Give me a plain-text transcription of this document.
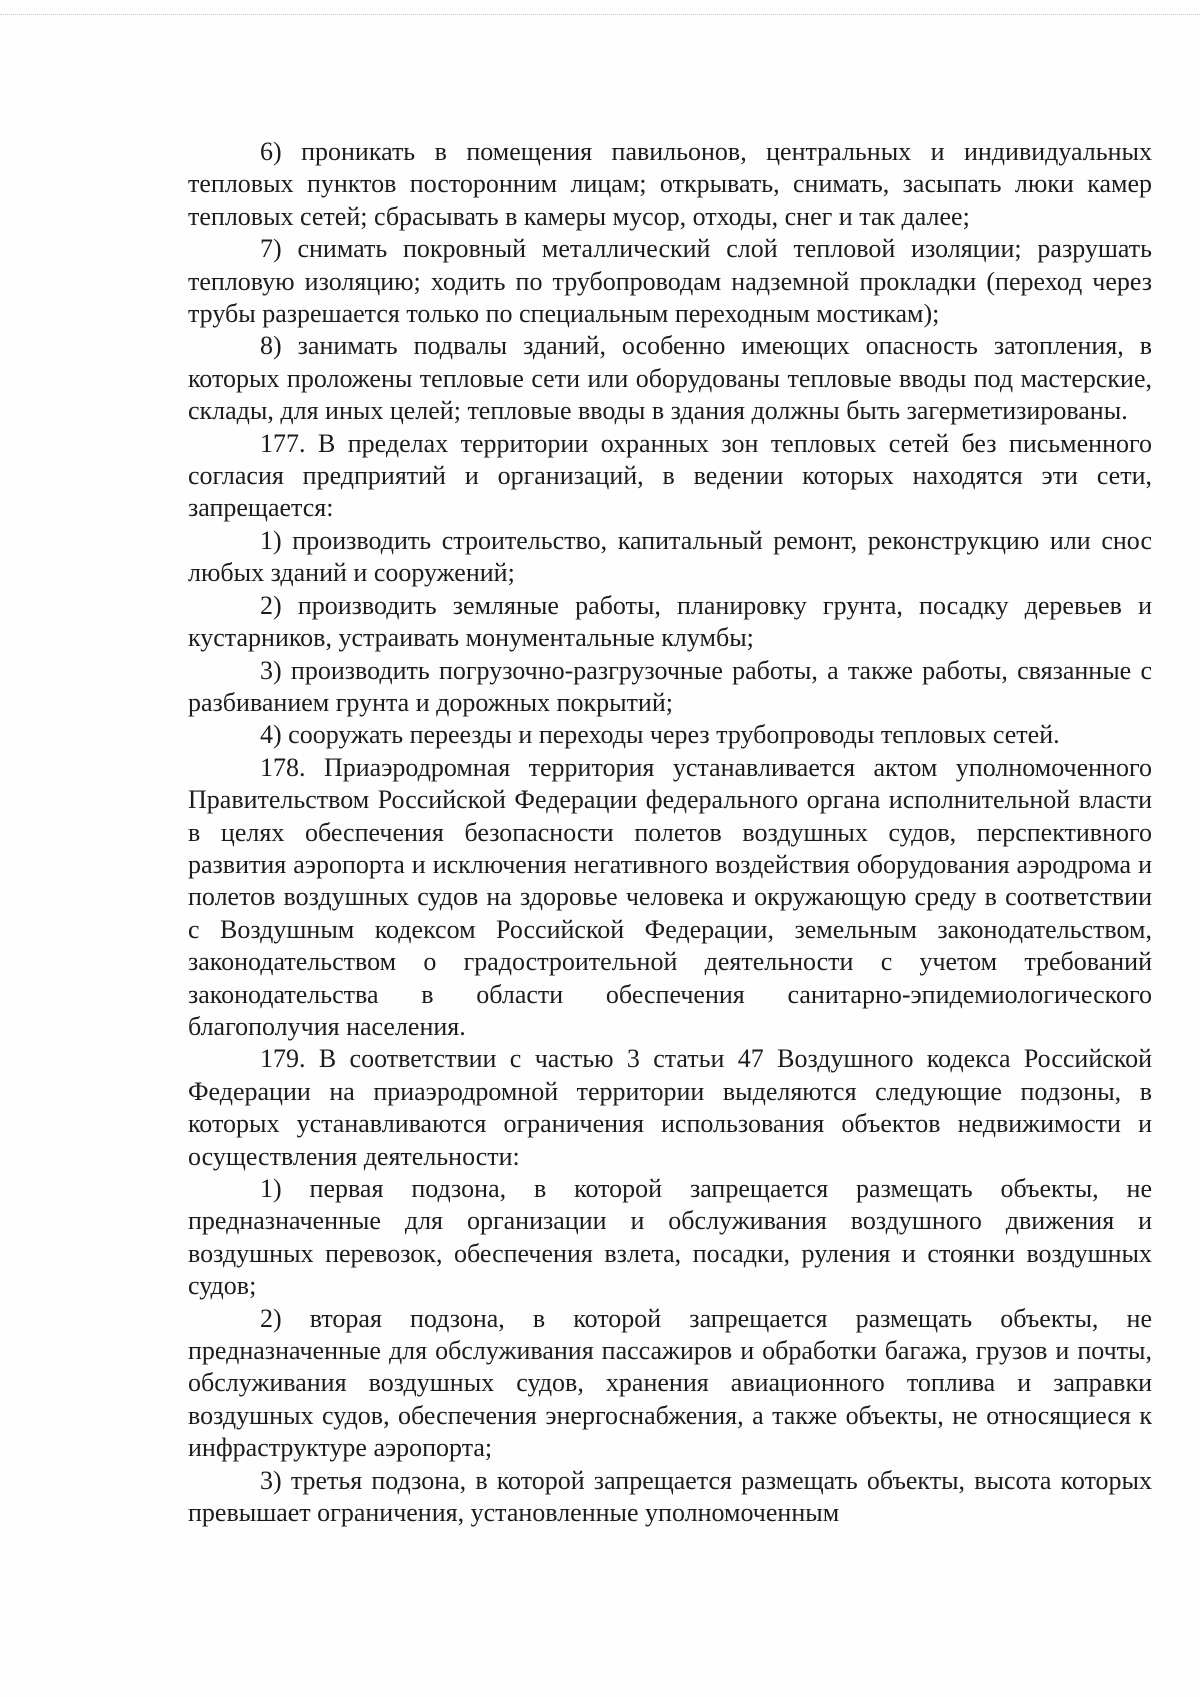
6) проникать в помещения павильонов, центральных и индивидуальных тепловых пунктов посторонним лицам; открывать, снимать, засыпать люки камер тепловых сетей; сбрасывать в камеры мусор, отходы, снег и так далее;

7) снимать покровный металлический слой тепловой изоляции; разрушать тепловую изоляцию; ходить по трубопроводам надземной прокладки (переход через трубы разрешается только по специальным переходным мостикам);

8) занимать подвалы зданий, особенно имеющих опасность затопления, в которых проложены тепловые сети или оборудованы тепловые вводы под мастерские, склады, для иных целей; тепловые вводы в здания должны быть загерметизированы.

177. В пределах территории охранных зон тепловых сетей без письменного согласия предприятий и организаций, в ведении которых находятся эти сети, запрещается:

1) производить строительство, капитальный ремонт, реконструкцию или снос любых зданий и сооружений;

2) производить земляные работы, планировку грунта, посадку деревьев и кустарников, устраивать монументальные клумбы;

3) производить погрузочно-разгрузочные работы, а также работы, связанные с разбиванием грунта и дорожных покрытий;

4) сооружать переезды и переходы через трубопроводы тепловых сетей.

178. Приаэродромная территория устанавливается актом уполномоченного Правительством Российской Федерации федерального органа исполнительной власти в целях обеспечения безопасности полетов воздушных судов, перспективного развития аэропорта и исключения негативного воздействия оборудования аэродрома и полетов воздушных судов на здоровье человека и окружающую среду в соответствии с Воздушным кодексом Российской Федерации, земельным законодательством, законодательством о градостроительной деятельности с учетом требований законодательства в области обеспечения санитарно-эпидемиологического благополучия населения.

179. В соответствии с частью 3 статьи 47 Воздушного кодекса Российской Федерации на приаэродромной территории выделяются следующие подзоны, в которых устанавливаются ограничения использования объектов недвижимости и осуществления деятельности:

1) первая подзона, в которой запрещается размещать объекты, не предназначенные для организации и обслуживания воздушного движения и воздушных перевозок, обеспечения взлета, посадки, руления и стоянки воздушных судов;

2) вторая подзона, в которой запрещается размещать объекты, не предназначенные для обслуживания пассажиров и обработки багажа, грузов и почты, обслуживания воздушных судов, хранения авиационного топлива и заправки воздушных судов, обеспечения энергоснабжения, а также объекты, не относящиеся к инфраструктуре аэропорта;

3) третья подзона, в которой запрещается размещать объекты, высота которых превышает ограничения, установленные уполномоченным
